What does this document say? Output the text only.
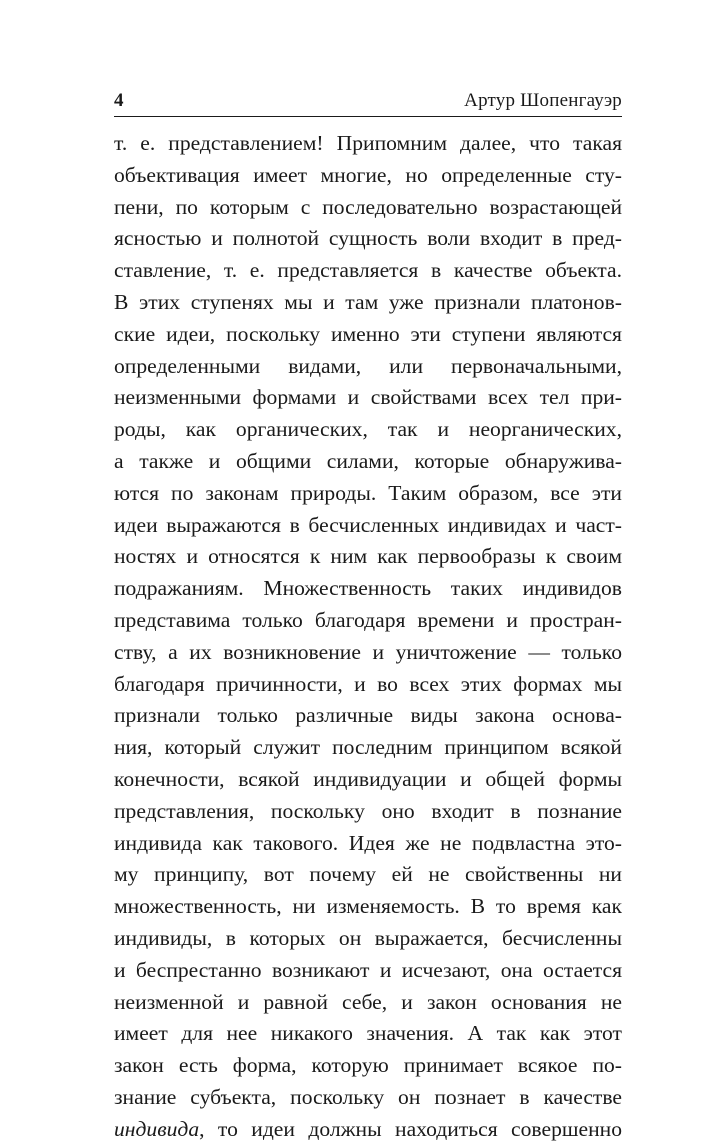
4	Артур Шопенгауэр
т. е. представлением! Припомним далее, что такая
объективация имеет многие, но определенные сту-
пени, по которым с последовательно возрастающей
ясностью и полнотой сущность воли входит в пред-
ставление, т. е. представляется в качестве объекта.
В этих ступенях мы и там уже признали платонов-
ские идеи, поскольку именно эти ступени являются
определенными видами, или первоначальными,
неизменными формами и свойствами всех тел при-
роды, как органических, так и неорганических,
а также и общими силами, которые обнаружива-
ются по законам природы. Таким образом, все эти
идеи выражаются в бесчисленных индивидах и част-
ностях и относятся к ним как первообразы к своим
подражаниям. Множественность таких индивидов
представима только благодаря времени и простран-
ству, а их возникновение и уничтожение — только
благодаря причинности, и во всех этих формах мы
признали только различные виды закона основа-
ния, который служит последним принципом всякой
конечности, всякой индивидуации и общей формы
представления, поскольку оно входит в познание
индивида как такового. Идея же не подвластна это-
му принципу, вот почему ей не свойственны ни
множественность, ни изменяемость. В то время как
индивиды, в которых он выражается, бесчисленны
и беспрестанно возникают и исчезают, она остается
неизменной и равной себе, и закон основания не
имеет для нее никакого значения. А так как этот
закон есть форма, которую принимает всякое по-
знание субъекта, поскольку он познает в качестве
индивида, то идеи должны находиться совершенно
